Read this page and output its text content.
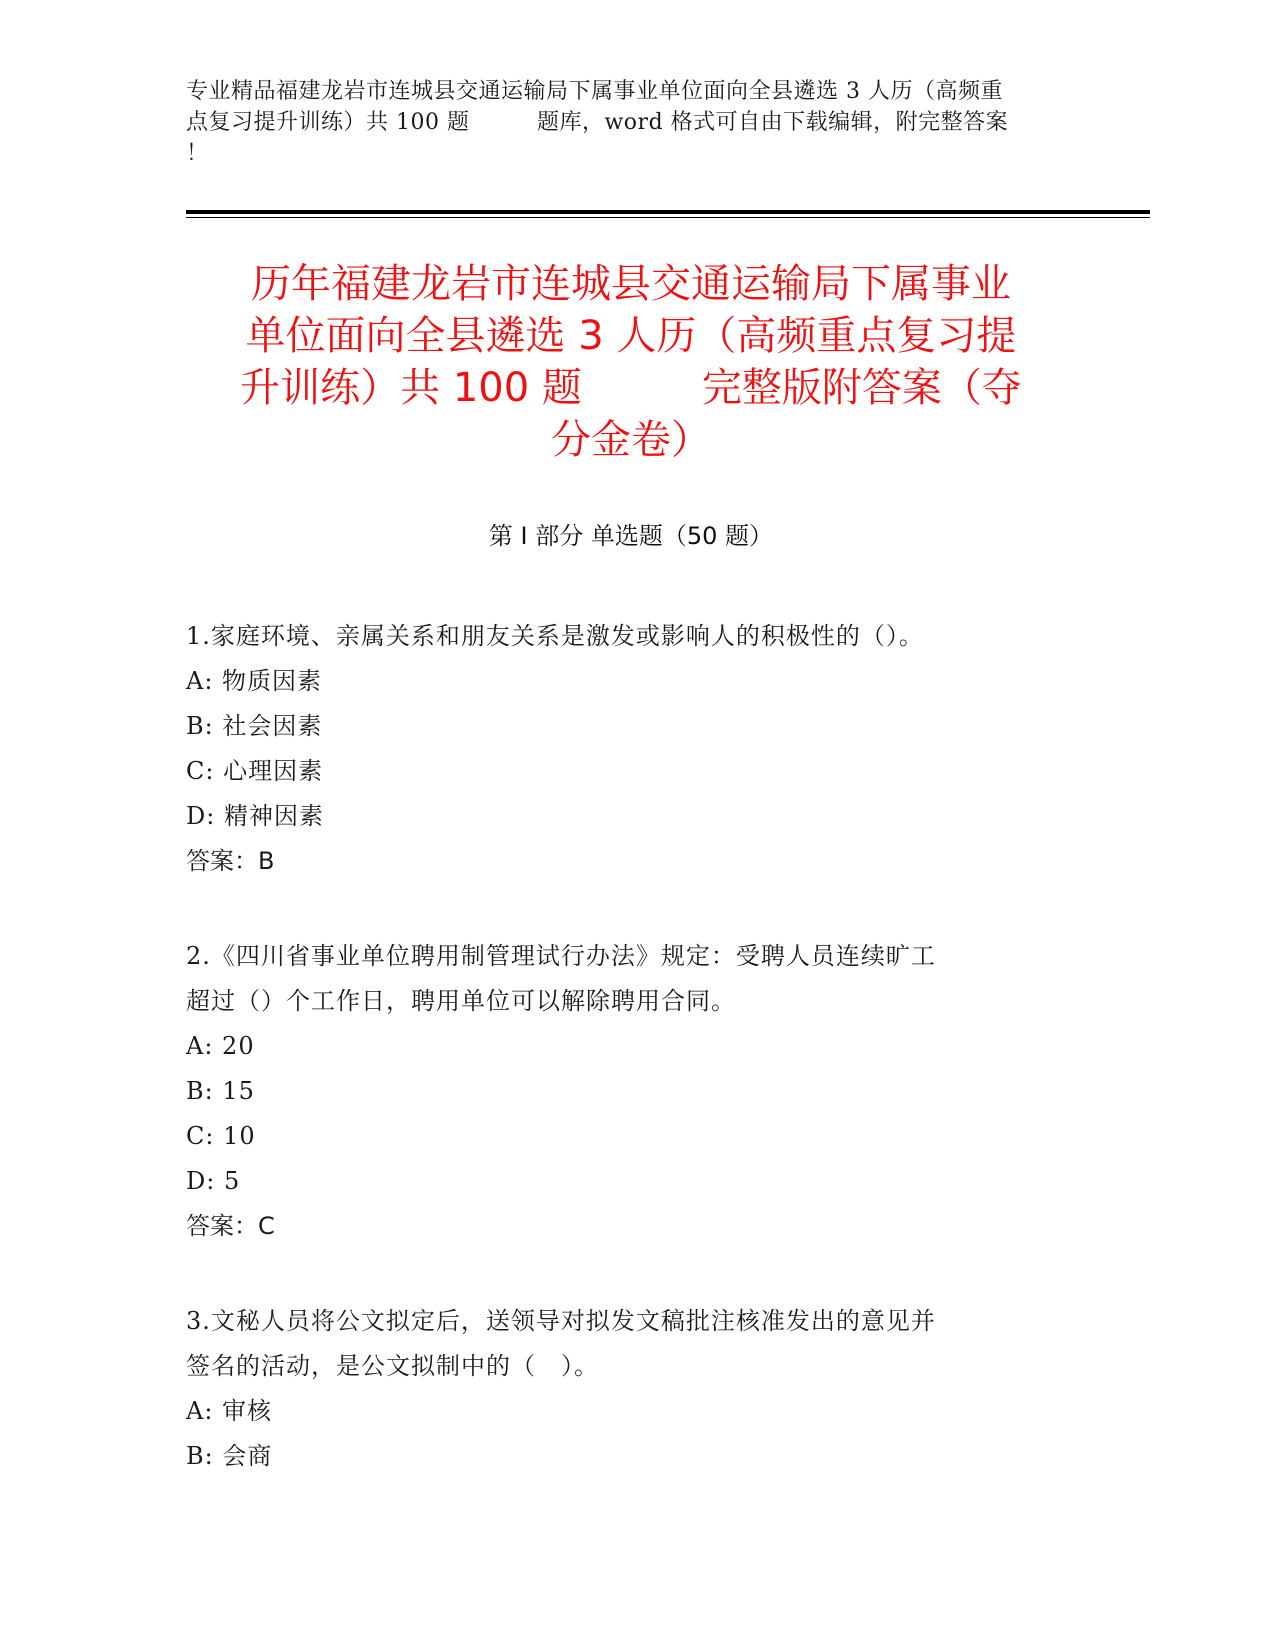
专业精品福建龙岩市连城县交通运输局下属事业单位面向全县遴选 3 人历（高频重
点复习提升训练）共 100 题　　　题库，word 格式可自由下载编辑，附完整答案
！
历年福建龙岩市连城县交通运输局下属事业
单位面向全县遴选 3 人历（高频重点复习提
升训练）共 100 题　　　完整版附答案（夺
分金卷）
第 I 部分 单选题（50 题）
1.家庭环境、亲属关系和朋友关系是激发或影响人的积极性的（）。
A: 物质因素
B: 社会因素
C: 心理因素
D: 精神因素
答案：B
2.《四川省事业单位聘用制管理试行办法》规定：受聘人员连续旷工
超过（）个工作日，聘用单位可以解除聘用合同。
A: 20
B: 15
C: 10
D: 5
答案：C
3.文秘人员将公文拟定后，送领导对拟发文稿批注核准发出的意见并
签名的活动，是公文拟制中的（　）。
A: 审核
B: 会商
